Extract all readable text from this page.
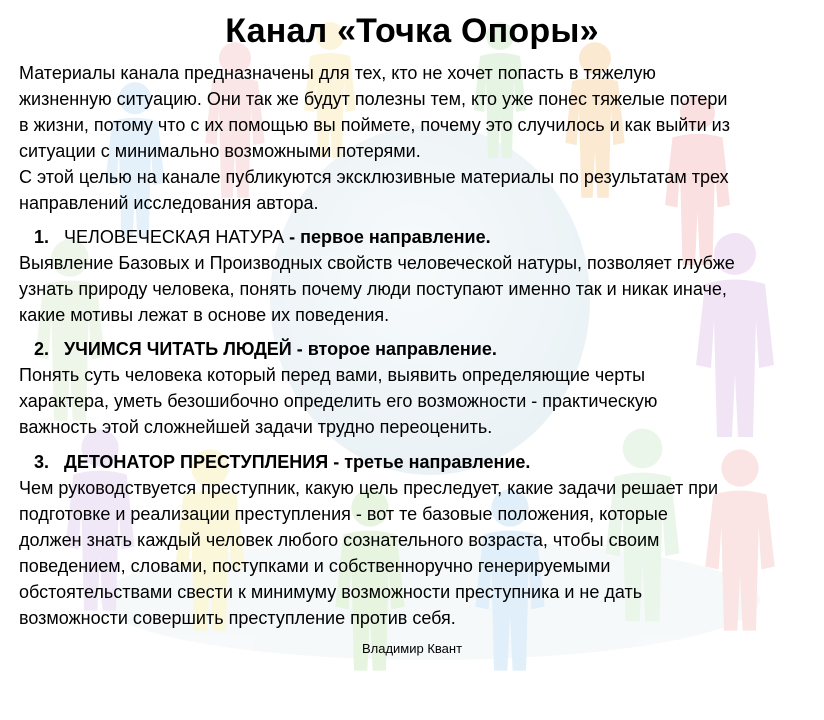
Канал «Точка Опоры»

Материалы канала предназначены для тех, кто не хочет попасть в тяжелую
жизненную ситуацию. Они так же будут полезны тем, кто уже понес тяжелые потери
в жизни, потому что с их помощью вы поймете, почему это случилось и как выйти из
ситуации с минимально возможными потерями.
С этой целью на канале публикуются эксклюзивные материалы по результатам трех
направлений исследования автора.

1. ЧЕЛОВЕЧЕСКАЯ НАТУРА - первое направление.

Выявление Базовых и Производных свойств человеческой натуры, позволяет глубже
узнать природу человека, понять почему люди поступают именно так и никак иначе,
какие мотивы лежат в основе их поведения.

2. УЧИМСЯ ЧИТАТЬ ЛЮДЕЙ - второе направление.

Понять суть человека который перед вами, выявить определяющие черты
характера, уметь безошибочно определить его возможности - практическую
важность этой сложнейшей задачи трудно переоценить.

3. ДЕТОНАТОР ПРЕСТУПЛЕНИЯ - третье направление.

Чем руководствуется преступник, какую цель преследует, какие задачи решает при
подготовке и реализации преступления - вот те базовые положения, которые
должен знать каждый человек любого сознательного возраста, чтобы своим
поведением, словами, поступками и собственноручно генерируемыми
обстоятельствами свести к минимуму возможности преступника и не дать
возможности совершить преступление против себя.

Владимир Квант
